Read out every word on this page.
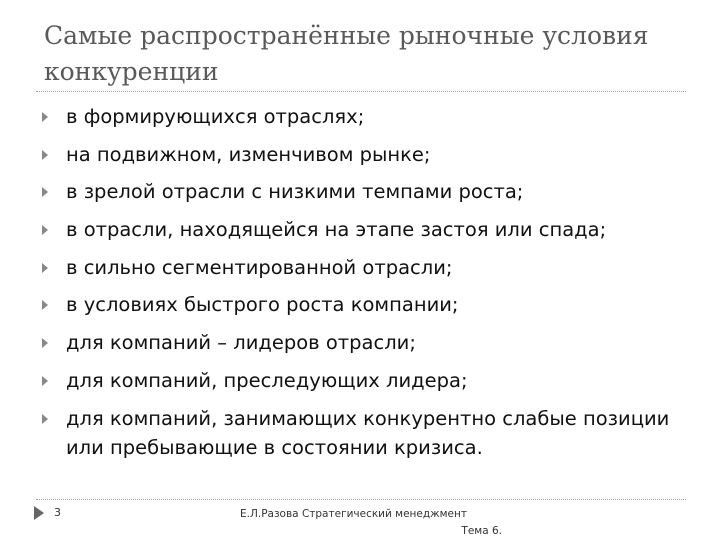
Самые распространённые рыночные условия конкуренции
в формирующихся отраслях;
на подвижном, изменчивом рынке;
в зрелой отрасли с низкими темпами роста;
в отрасли, находящейся на этапе застоя или спада;
в сильно сегментированной отрасли;
в условиях быстрого роста компании;
для компаний – лидеров отрасли;
для компаний, преследующих лидера;
для компаний, занимающих конкурентно слабые позиции или пребывающие в состоянии кризиса.
3	Е.Л.Разова Стратегический менеджмент
Тема 6.
